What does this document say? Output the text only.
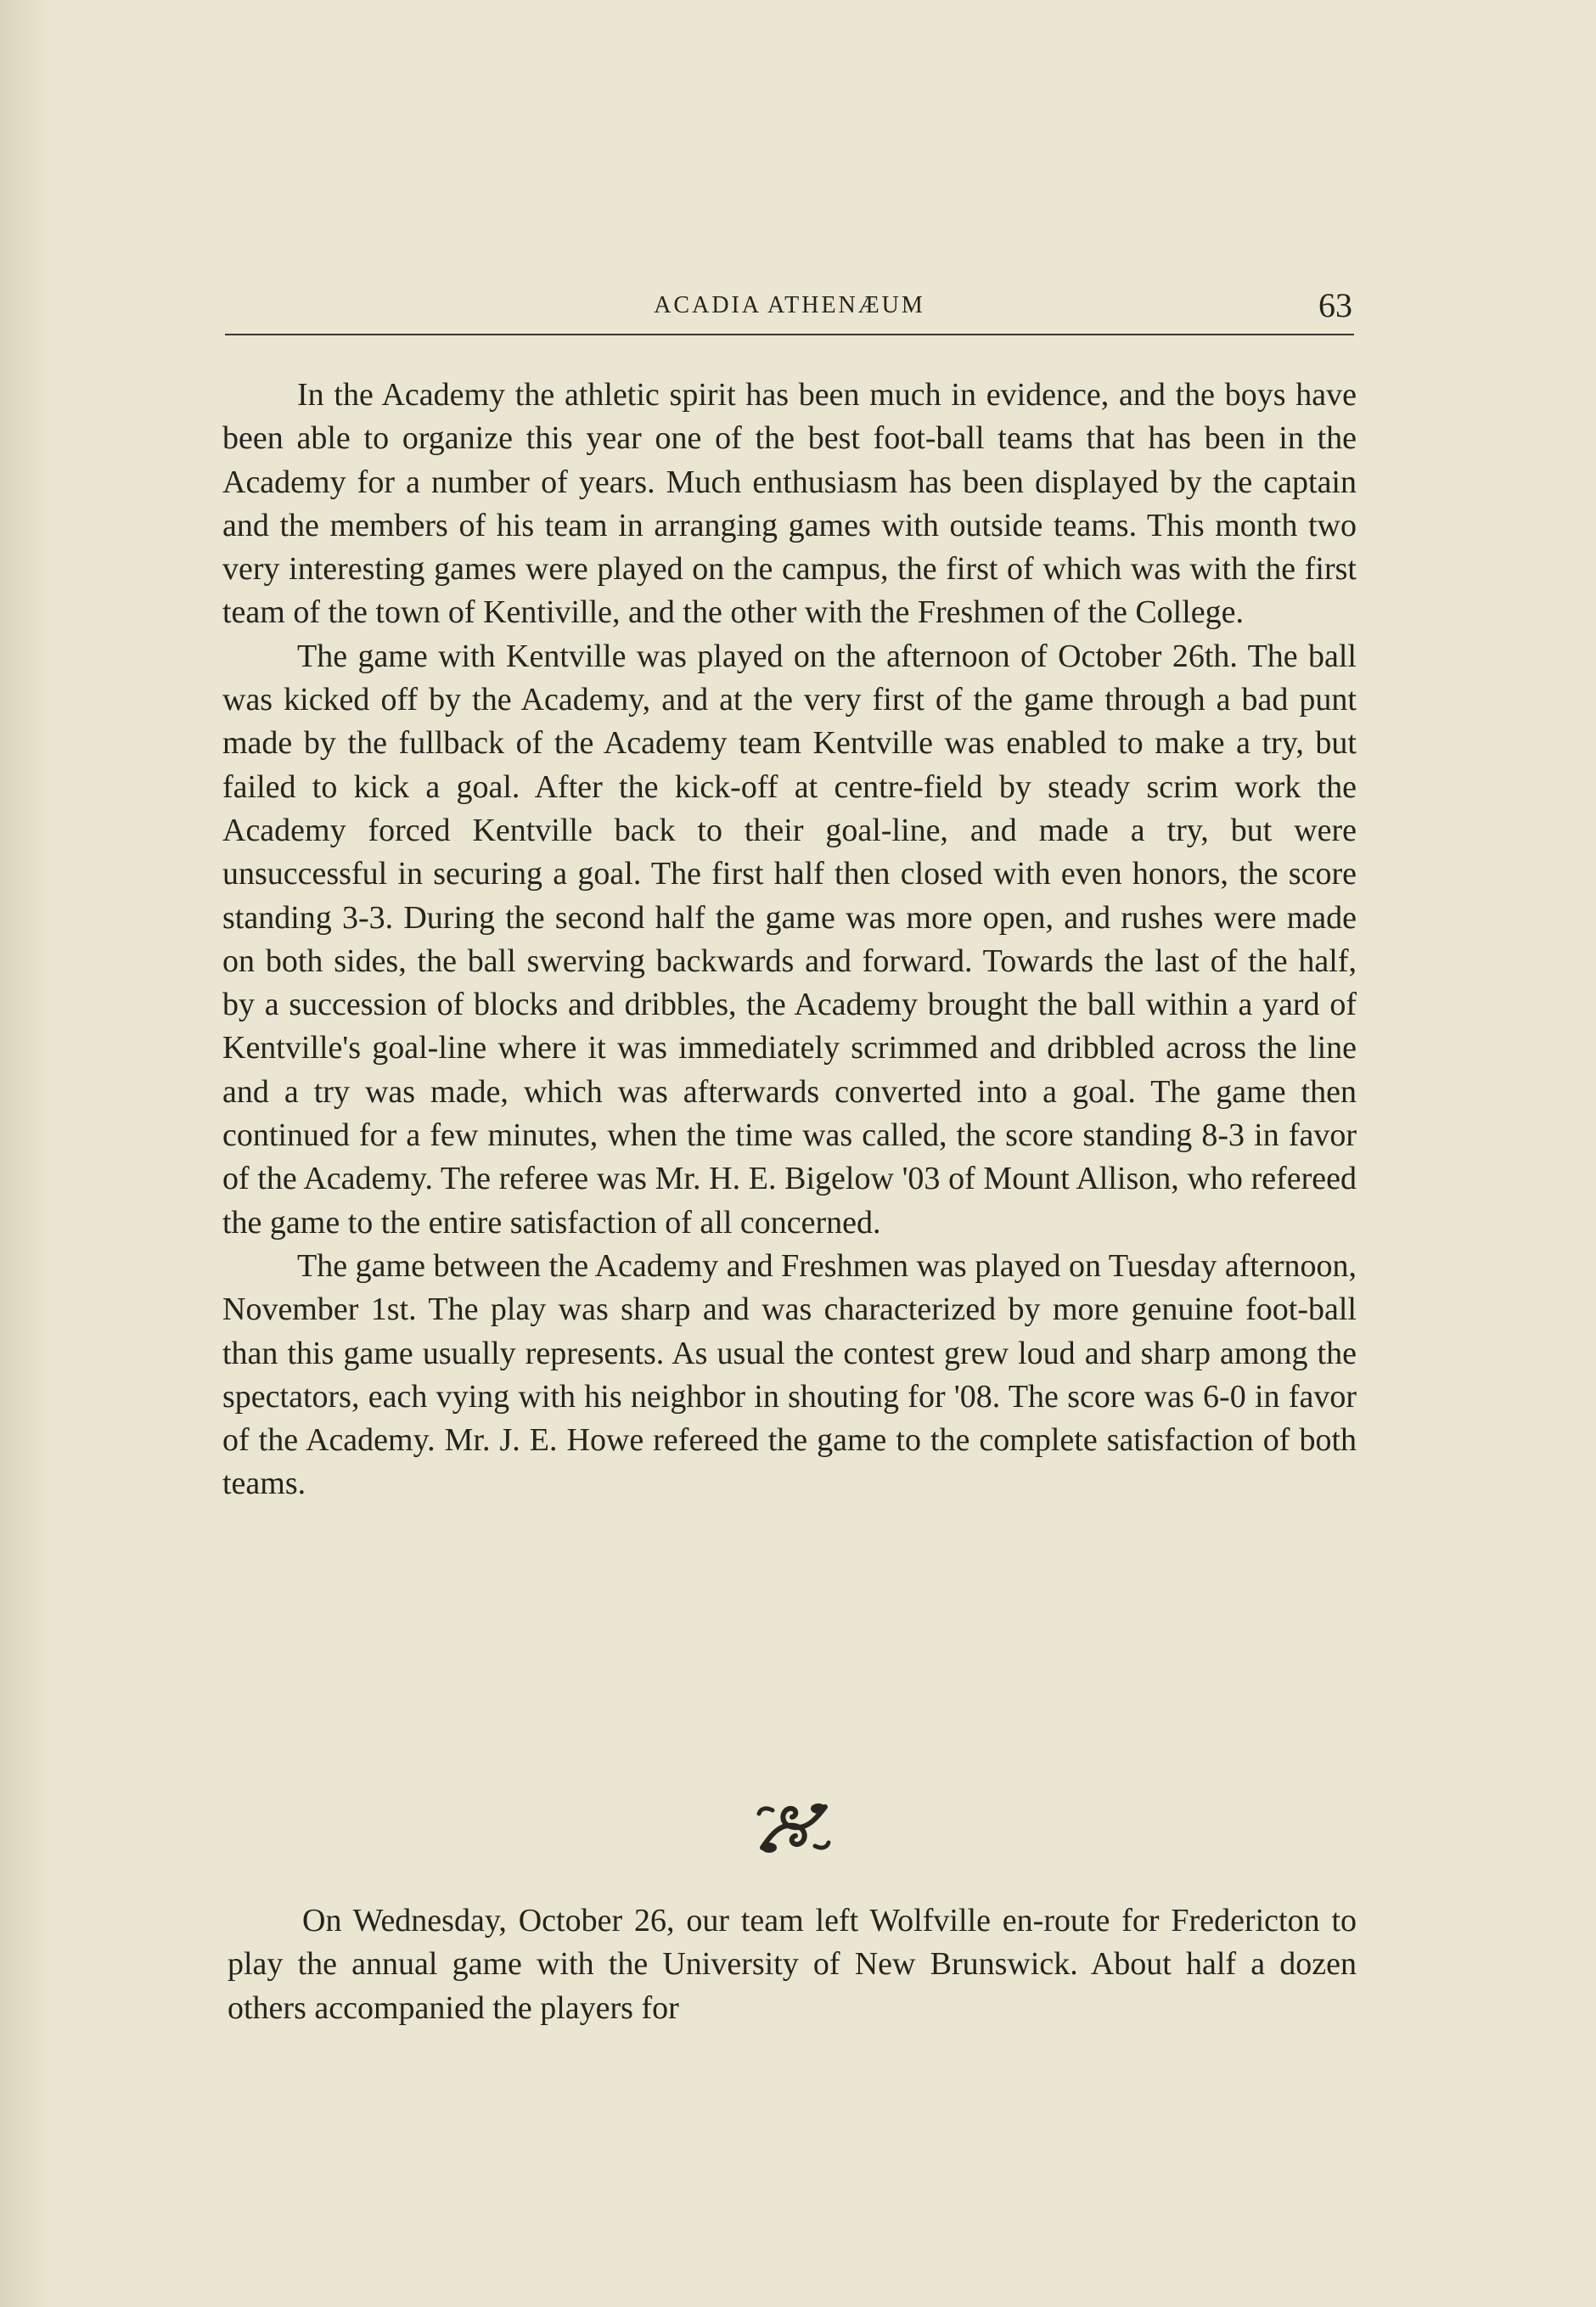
ACADIA ATHENÆUM	63

In the Academy the athletic spirit has been much in evidence, and the boys have been able to organize this year one of the best foot-ball teams that has been in the Academy for a number of years. Much enthusiasm has been displayed by the captain and the members of his team in arranging games with outside teams. This month two very interesting games were played on the campus, the first of which was with the first team of the town of Kentiville, and the other with the Freshmen of the College.

The game with Kentville was played on the afternoon of October 26th. The ball was kicked off by the Academy, and at the very first of the game through a bad punt made by the fullback of the Academy team Kentville was enabled to make a try, but failed to kick a goal. After the kick-off at centre-field by steady scrim work the Academy forced Kentville back to their goal-line, and made a try, but were unsuccessful in securing a goal. The first half then closed with even honors, the score standing 3-3. During the second half the game was more open, and rushes were made on both sides, the ball swerving backwards and forward. Towards the last of the half, by a succession of blocks and dribbles, the Academy brought the ball within a yard of Kentville's goal-line where it was immediately scrimmed and dribbled across the line and a try was made, which was afterwards converted into a goal. The game then continued for a few minutes, when the time was called, the score standing 8-3 in favor of the Academy. The referee was Mr. H. E. Bigelow '03 of Mount Allison, who refereed the game to the entire satisfaction of all concerned.

The game between the Academy and Freshmen was played on Tuesday afternoon, November 1st. The play was sharp and was characterized by more genuine foot-ball than this game usually represents. As usual the contest grew loud and sharp among the spectators, each vying with his neighbor in shouting for '08. The score was 6-0 in favor of the Academy. Mr. J. E. Howe refereed the game to the complete satisfaction of both teams.

On Wednesday, October 26, our team left Wolfville en-route for Fredericton to play the annual game with the University of New Brunswick. About half a dozen others accompanied the players for
